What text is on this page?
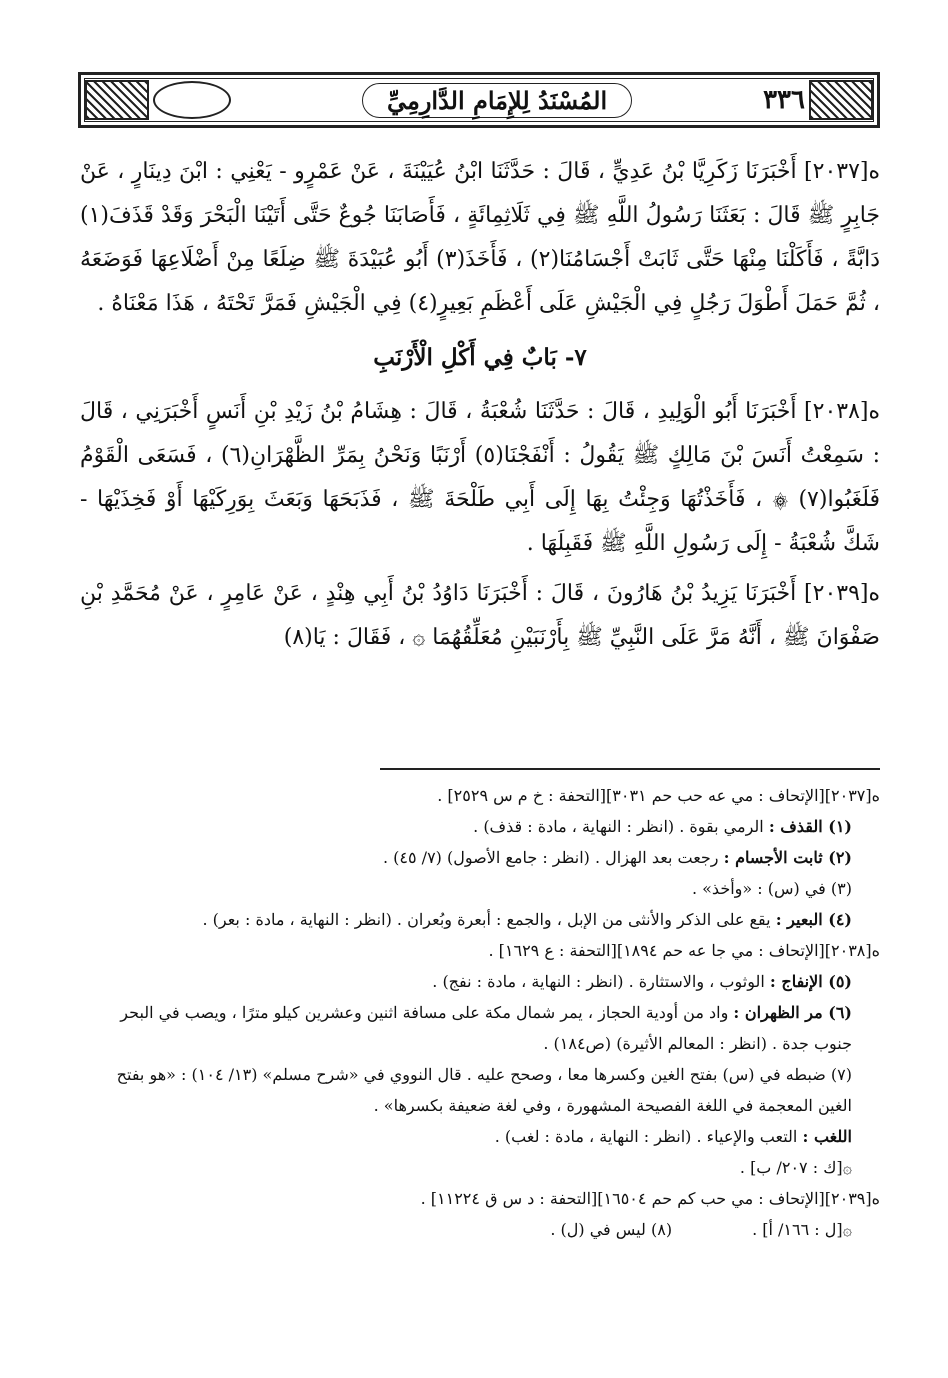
المُسْنَدُ لِلإِمَامِ الدَّارِمِيِّ	٣٣٦

ه[٢٠٣٧] أَخْبَرَنَا زَكَرِيَّا بْنُ عَدِيٍّ ، قَالَ : حَدَّثَنَا ابْنُ عُيَيْنَةَ ، عَنْ عَمْرٍو - يَعْنِي : ابْنَ دِينَارٍ ، عَنْ جَابِرٍ ﷺ قَالَ : بَعَثَنَا رَسُولُ اللَّهِ ﷺ فِي ثَلَاثِمِائَةٍ ، فَأَصَابَنَا جُوعٌ حَتَّى أَتَيْنَا الْبَحْرَ وَقَدْ قَذَفَ(١) دَابَّةً ، فَأَكَلْنَا مِنْهَا حَتَّى ثَابَتْ أَجْسَامُنَا(٢) ، فَأَخَذَ(٣) أَبُو عُبَيْدَةَ ﷺ ضِلَعًا مِنْ أَضْلَاعِهَا فَوَضَعَهُ ، ثُمَّ حَمَلَ أَطْوَلَ رَجُلٍ فِي الْجَيْشِ عَلَى أَعْظَمِ بَعِيرٍ(٤) فِي الْجَيْشِ فَمَرَّ تَحْتَهُ ، هَذَا مَعْنَاهُ .

٧- بَابٌ فِي أَكْلِ الْأَرْنَبِ

ه[٢٠٣٨] أَخْبَرَنَا أَبُو الْوَلِيدِ ، قَالَ : حَدَّثَنَا شُعْبَةُ ، قَالَ : هِشَامُ بْنُ زَيْدِ بْنِ أَنَسٍ أَخْبَرَنِي ، قَالَ : سَمِعْتُ أَنَسَ بْنَ مَالِكٍ ﷺ يَقُولُ : أَنْفَجْنَا(٥) أَرْنَبًا وَنَحْنُ بِمَرِّ الظَّهْرَانِ(٦) ، فَسَعَى الْقَوْمُ فَلَغَبُوا(٧) ۞ ، فَأَخَذْتُهَا وَجِئْتُ بِهَا إِلَى أَبِي طَلْحَةَ ﷺ ، فَذَبَحَهَا وَبَعَثَ بِوَرِكَيْهَا أَوْ فَخِذَيْهَا - شَكَّ شُعْبَةُ - إِلَى رَسُولِ اللَّهِ ﷺ فَقَبِلَهَا .

ه[٢٠٣٩] أَخْبَرَنَا يَزِيدُ بْنُ هَارُونَ ، قَالَ : أَخْبَرَنَا دَاوُدُ بْنُ أَبِي هِنْدٍ ، عَنْ عَامِرٍ ، عَنْ مُحَمَّدِ بْنِ صَفْوَانَ ﷺ ، أَنَّهُ مَرَّ عَلَى النَّبِيِّ ﷺ بِأَرْنَبَيْنِ مُعَلِّقُهُمَا ۞ ، فَقَالَ : يَا(٨)

ه[٢٠٣٧][الإتحاف : مي عه حب حم ٣٠٣١][التحفة : خ م س ٢٥٢٩] .
(١) القذف : الرمي بقوة . (انظر : النهاية ، مادة : قذف) .
(٢) ثابت الأجسام : رجعت بعد الهزال . (انظر : جامع الأصول) (٧/ ٤٥) .
(٣) في (س) : «وأخذ» .
(٤) البعير : يقع على الذكر والأنثى من الإبل ، والجمع : أبعرة وبُعران . (انظر : النهاية ، مادة : بعر) .
ه[٢٠٣٨][الإتحاف : مي جا عه حم ١٨٩٤][التحفة : ع ١٦٢٩] .
(٥) الإنفاج : الوثوب ، والاستثارة . (انظر : النهاية ، مادة : نفج) .
(٦) مر الظهران : واد من أودية الحجاز ، يمر شمال مكة على مسافة اثنين وعشرين كيلو مترًا ، ويصب في البحر جنوب جدة . (انظر : المعالم الأثيرة) (ص١٨٤) .
(٧) ضبطه في (س) بفتح الغين وكسرها معا ، وصحح عليه . قال النووي في «شرح مسلم» (١٣/ ١٠٤) : «هو بفتح الغين المعجمة في اللغة الفصيحة المشهورة ، وفي لغة ضعيفة بكسرها» .
اللغب : التعب والإعياء . (انظر : النهاية ، مادة : لغب) .
۞[ك : ٢٠٧/ ب] .
ه[٢٠٣٩][الإتحاف : مي حب كم حم ١٦٥٠٤][التحفة : د س ق ١١٢٢٤] .
۞[ل : ١٦٦/ أ] .
(٨) ليس في (ل) .
